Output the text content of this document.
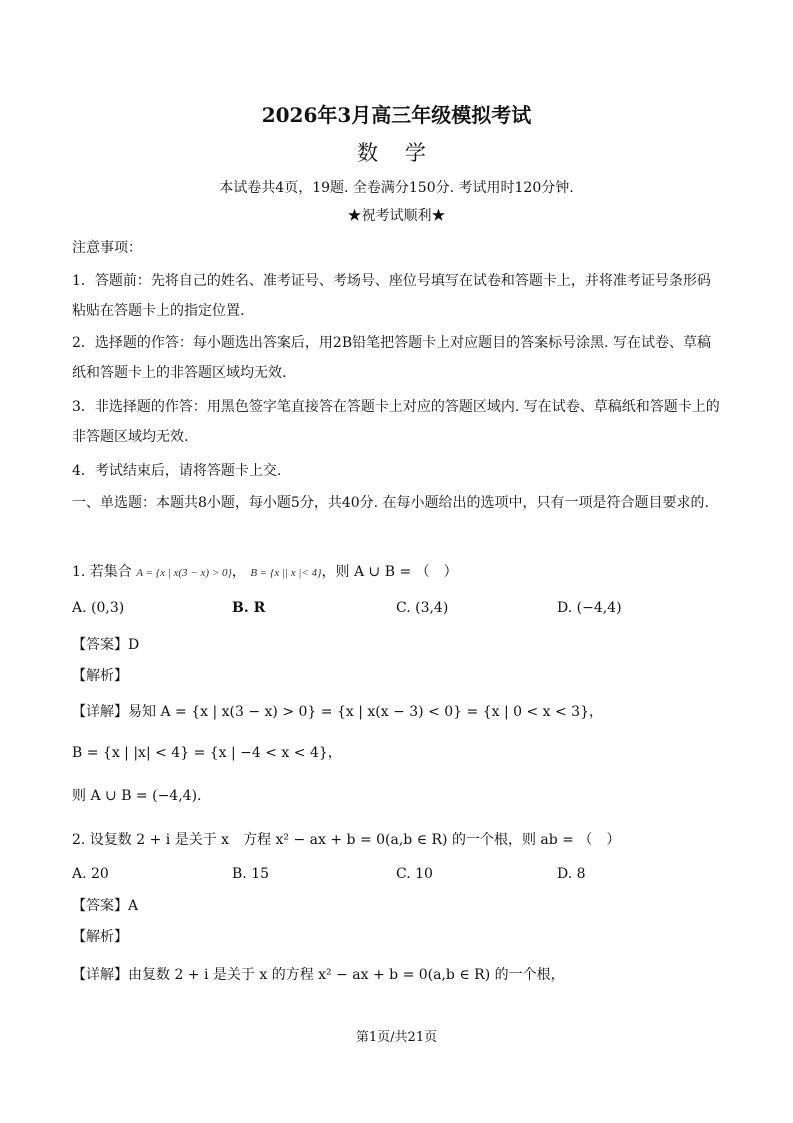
2026年3月高三年级模拟考试
数 学
本试卷共4页，19题. 全卷满分150分. 考试用时120分钟.
★祝考试顺利★
注意事项：
1．答题前：先将自己的姓名、准考证号、考场号、座位号填写在试卷和答题卡上，并将准考证号条形码粘贴在答题卡上的指定位置.
2．选择题的作答：每小题选出答案后，用2B铅笔把答题卡上对应题目的答案标号涂黑. 写在试卷、草稿纸和答题卡上的非答题区域均无效.
3．非选择题的作答：用黑色签字笔直接答在答题卡上对应的答题区域内. 写在试卷、草稿纸和答题卡上的非答题区域均无效.
4．考试结束后，请将答题卡上交.
一、单选题：本题共8小题，每小题5分，共40分. 在每小题给出的选项中，只有一项是符合题目要求的.
1. 若集合 A = {x | x(3 − x) > 0}， B = {x || x |< 4}，则 A ∪ B = （　）
A. (0,3)	B. R	C. (3,4)	D. (−4,4)
【答案】D
【解析】
【详解】易知 A = {x | x(3 − x) > 0} = {x | x(x − 3) < 0} = {x | 0 < x < 3}，
B = {x | |x| < 4} = {x | −4 < x < 4}，
则 A ∪ B = (−4,4).
2. 设复数 2 + i 是关于 x　方程 x² − ax + b = 0(a,b ∈ R) 的一个根，则 ab = （　）
A. 20	B. 15	C. 10	D. 8
【答案】A
【解析】
【详解】由复数 2 + i 是关于 x 的方程 x² − ax + b = 0(a,b ∈ R) 的一个根，
第1页/共21页
